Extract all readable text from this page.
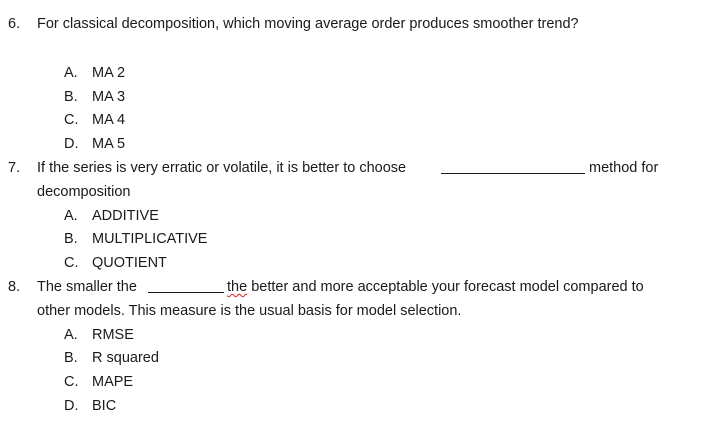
6. For classical decomposition, which moving average order produces smoother trend?
A. MA 2
B. MA 3
C. MA 4
D. MA 5
7. If the series is very erratic or volatile, it is better to choose	method for
decomposition
A. ADDITIVE
B. MULTIPLICATIVE
C. QUOTIENT
8. The smaller the	the better and more acceptable your forecast model compared to
other models. This measure is the usual basis for model selection.
A. RMSE
B. R squared
C. MAPE
D. BIC
